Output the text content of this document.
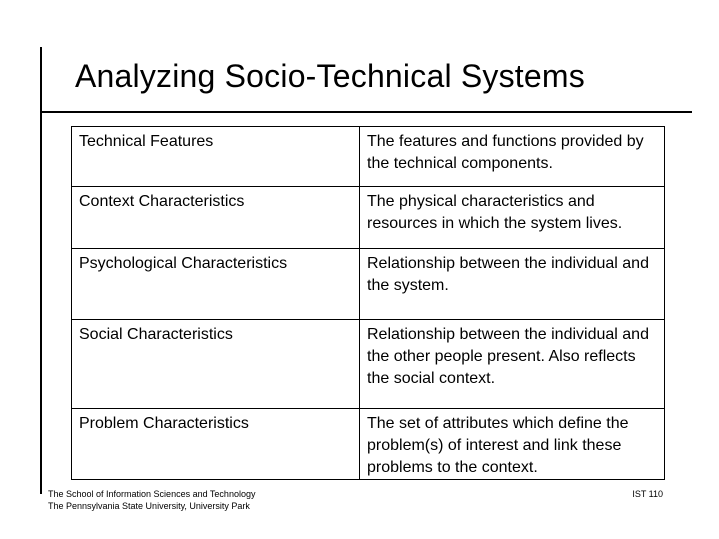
Analyzing Socio-Technical Systems
Technical Features	The features and functions provided by the technical components.
Context Characteristics	The physical characteristics and resources in which the system lives.
Psychological Characteristics	Relationship between the individual and the system.
Social Characteristics	Relationship between the individual and the other people present. Also reflects the social context.
Problem Characteristics	The set of attributes which define the problem(s) of interest and link these problems to the context.
The School of Information Sciences and Technology
The Pennsylvania State University, University Park
IST 110
